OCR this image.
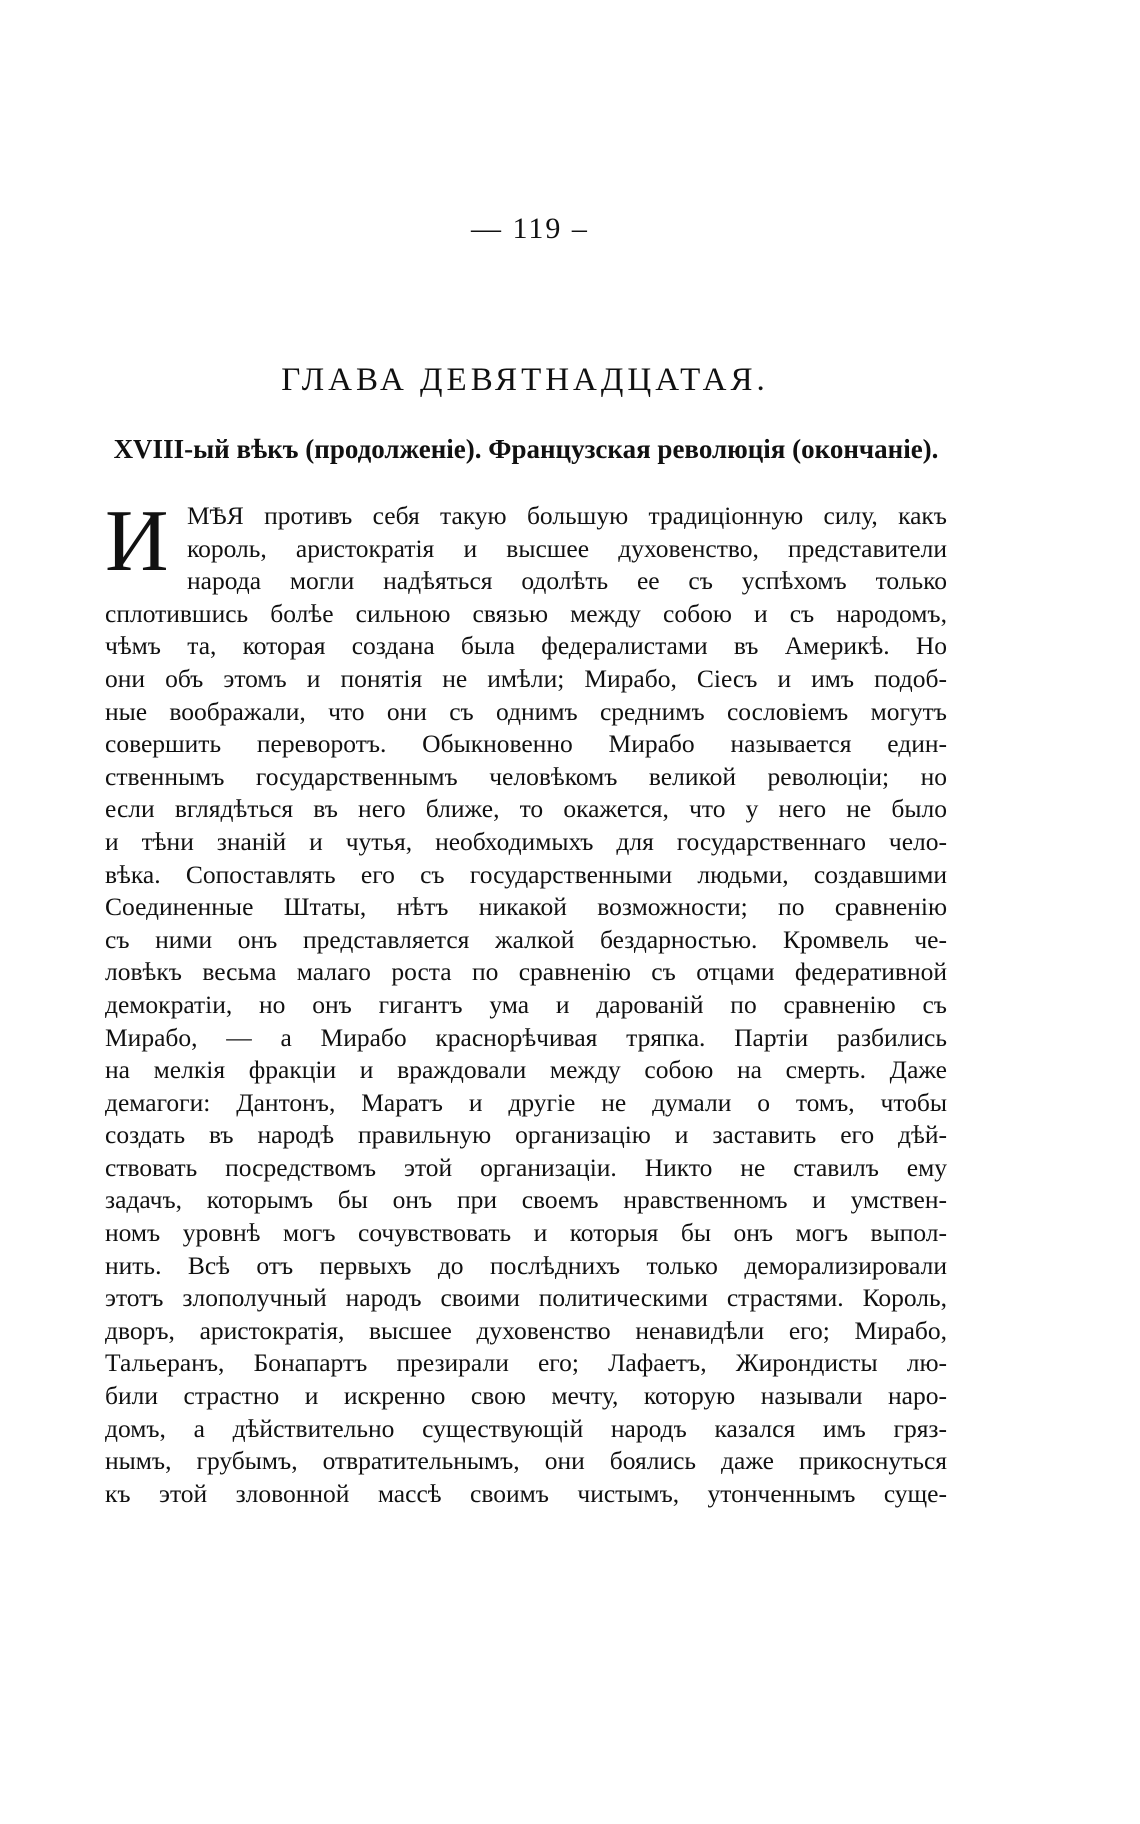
— 119 –
ГЛАВА ДЕВЯТНАДЦАТАЯ.
XVIII-ый вѣкъ (продолженіе). Французская революція (окончаніе).
И МѢЯ противъ себя такую большую традиціонную силу, какъ
король, аристократія и высшее духовенство, представители
народа могли надѣяться одолѣть ее съ успѣхомъ только
сплотившись болѣе сильною связью между собою и съ народомъ,
чѣмъ та, которая создана была федералистами въ Америкѣ. Но
они объ этомъ и понятія не имѣли; Мирабо, Сіесъ и имъ подоб-
ные воображали, что они съ однимъ среднимъ сословіемъ могутъ
совершить переворотъ. Обыкновенно Мирабо называется един-
ственнымъ государственнымъ человѣкомъ великой революціи; но
если вглядѣться въ него ближе, то окажется, что у него не было
и тѣни знаній и чутья, необходимыхъ для государственнаго чело-
вѣка. Сопоставлять его съ государственными людьми, создавшими
Соединенные Штаты, нѣтъ никакой возможности; по сравненію
съ ними онъ представляется жалкой бездарностью. Кромвель че-
ловѣкъ весьма малаго роста по сравненію съ отцами федеративной
демократіи, но онъ гигантъ ума и дарованій по сравненію съ
Мирабо, — а Мирабо краснорѣчивая тряпка. Партіи разбились
на мелкія фракціи и враждовали между собою на смерть. Даже
демагоги: Дантонъ, Маратъ и другіе не думали о томъ, чтобы
создать въ народѣ правильную организацію и заставить его дѣй-
ствовать посредствомъ этой организаціи. Никто не ставилъ ему
задачъ, которымъ бы онъ при своемъ нравственномъ и умствен-
номъ уровнѣ могъ сочувствовать и которыя бы онъ могъ выпол-
нить. Всѣ отъ первыхъ до послѣднихъ только деморализировали
этотъ злополучный народъ своими политическими страстями. Король,
дворъ, аристократія, высшее духовенство ненавидѣли его; Мирабо,
Тальеранъ, Бонапартъ презирали его; Лафаетъ, Жирондисты лю-
били страстно и искренно свою мечту, которую называли наро-
домъ, а дѣйствительно существующій народъ казался имъ гряз-
нымъ, грубымъ, отвратительнымъ, они боялись даже прикоснуться
къ этой зловонной массѣ своимъ чистымъ, утонченнымъ суще-
